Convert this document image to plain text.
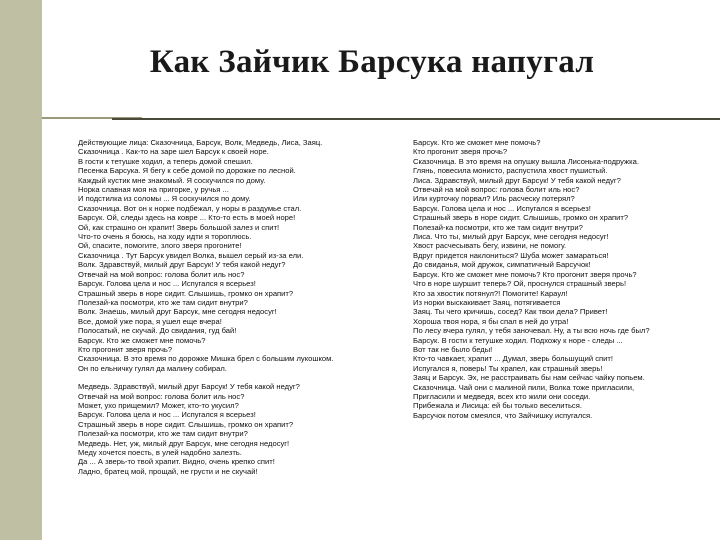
Как Зайчик Барсука напугал
Действующие лица: Сказочница, Барсук, Волк, Медведь, Лиса, Заяц.
Сказочница . Как-то на заре шел Барсук к своей норе.
В гости к тетушке ходил, а теперь домой спешил.
Песенка Барсука. Я бегу к себе домой по дорожке по лесной.
Каждый кустик мне знакомый. Я соскучился по дому.
Норка славная моя на пригорке, у ручья ...
И подстилка из соломы ... Я соскучился по дому.
Сказочница. Вот он к норке подбежал, у норы в раздумье стал.
Барсук. Ой, следы здесь на ковре ... Кто-то есть в моей норе!
Ой, как страшно он храпит! Зверь большой залез и спит!
Что-то очень я боюсь, на ходу идти я тороплюсь.
Ой, спасите, помогите, злого зверя прогоните!
Сказочница . Тут Барсук увидел Волка, вышел серый из-за ели.
Волк. Здравствуй, милый друг Барсук! У тебя какой недуг?
Отвечай на мой вопрос: голова болит иль нос?
Барсук. Голова цела и нос ... Испугался я всерьез!
Страшный зверь в норе сидит. Слышишь, громко он храпит?
Полезай-ка посмотри, кто же там сидит внутри?
Волк. Знаешь, милый друг Барсук, мне сегодня недосуг!
Все, домой уже пора, я ушел еще вчера!
Полосатый, не скучай. До свидания, гуд бай!
Барсук. Кто же сможет мне помочь?
Кто прогонит зверя прочь?
Сказочница. В это время по дорожке Мишка брел с большим лукошком.
Он по ельничку гулял да малину собирал.
Медведь. Здравствуй, милый друг Барсук! У тебя какой недуг?
Отвечай на мой вопрос: голова болит иль нос?
Может, ухо прищемил? Может, кто-то укусил?
Барсук. Голова цела и нос ... Испугался я всерьез!
Страшный зверь в норе сидит. Слышишь, громко он храпит?
Полезай-ка посмотри, кто же там сидит внутри?
Медведь. Нет, уж, милый друг Барсук, мне сегодня недосуг!
Меду хочется поесть, в улей надобно залезть.
Да ... А зверь-то твой храпит. Видно, очень крепко спит!
Ладно, братец мой, прощай, не грусти и не скучай!
Барсук. Кто же сможет мне помочь?
Кто прогонит зверя прочь?
Сказочница. В это время на опушку вышла Лисонька-подружка.
Глянь, повесила монисто, распустила хвост пушистый.
Лиса. Здравствуй, милый друг Барсук! У тебя какой недуг?
Отвечай на мой вопрос: голова болит иль нос?
Или курточку порвал? Иль расческу потерял?
Барсук. Голова цела и нос ... Испугался я всерьез!
Страшный зверь в норе сидит. Слышишь, громко он храпит?
Полезай-ка посмотри, кто же там сидит внутри?
Лиса. Что ты, милый друг Барсук, мне сегодня недосуг!
Хвост расчесывать бегу, извини, не помогу.
Вдруг придется наклониться? Шуба может замараться!
До свиданья, мой дружок, симпатичный Барсучок!
Барсук. Кто же сможет мне помочь? Кто прогонит зверя прочь?
Что в норе шуршит теперь? Ой, проснулся страшный зверь!
Кто за хвостик потянул?! Помогите! Караул!
Из норки выскакивает Заяц, потягивается
Заяц. Ты чего кричишь, сосед? Как твои дела? Привет!
Хороша твоя нора, я бы спал в ней до утра!
По лесу вчера гулял, у тебя заночевал. Ну, а ты всю ночь где был?
Барсук. В гости к тетушке ходил. Подхожу к норе - следы ...
Вот так не было беды!
Кто-то чавкает, храпит ... Думал, зверь большущий спит!
Испугался я, поверь! Ты храпел, как страшный зверь!
Заяц и Барсук. Эх, не расстраивать бы нам сейчас чайку попьем.
Сказочница. Чай они с малиной пили, Волка тоже пригласили,
Пригласили и медведя, всех кто жили они соседи.
Прибежала и Лисица: ей бы только веселиться.
Барсучок потом смеялся, что Зайчишку испугался.
